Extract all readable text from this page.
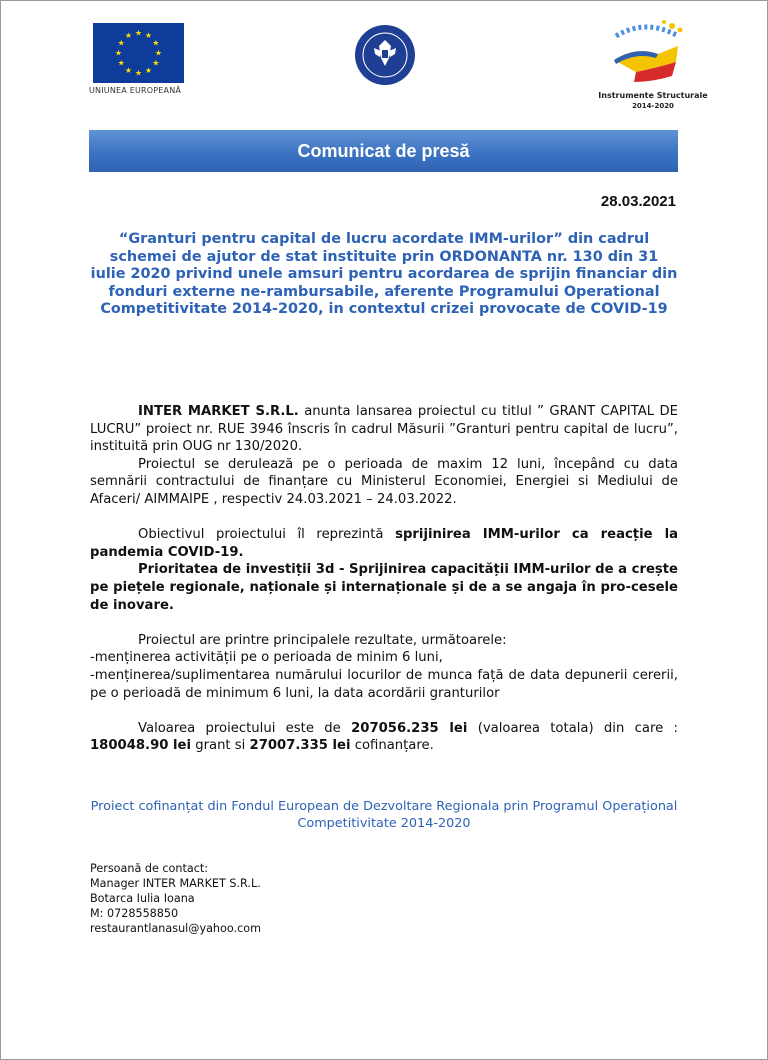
★ ★
★
★
★
★
★
★
★
★
★
★
UNIUNEA EUROPEANĂ
Instrumente Structurale
2014-2020
Comunicat de presă
28.03.2021
“Granturi pentru capital de lucru acordate IMM-urilor” din cadrul schemei de ajutor de stat instituite prin ORDONANTA nr. 130 din 31 iulie 2020 privind unele amsuri pentru acordarea de sprijin financiar din fonduri externe ne-rambursabile, aferente Programului Operational Competitivitate 2014-2020, in contextul crizei provocate de COVID-19

INTER MARKET S.R.L. anunta lansarea proiectul cu titlul ” GRANT CAPITAL DE LUCRU” proiect nr. RUE 3946 înscris în cadrul Măsurii ”Granturi pentru capital de lucru”, instituită prin OUG nr 130/2020.

Proiectul se derulează pe o perioada de maxim 12 luni, începând cu data semnării contractului de finanțare cu Ministerul Economiei, Energiei si Mediului de Afaceri/ AIMMAIPE , respectiv 24.03.2021 – 24.03.2022.

Obiectivul proiectului îl reprezintă sprijinirea IMM-urilor ca reacție la pandemia COVID-19.

Prioritatea de investiții 3d - Sprijinirea capacității IMM-urilor de a crește pe piețele regionale, naționale și internaționale și de a se angaja în pro-cesele de inovare.

Proiectul are printre principalele rezultate, următoarele:

-menținerea activității pe o perioada de minim 6 luni,

-menținerea/suplimentarea numărului locurilor de munca față de data depunerii cererii, pe o perioadă de minimum 6 luni, la data acordării granturilor

Valoarea proiectului este de 207056.235 lei (valoarea totala) din care : 180048.90 lei grant si 27007.335 lei cofinanțare.

Proiect cofinanțat din Fondul European de Dezvoltare Regionala prin Programul Operațional Competitivitate 2014-2020
Persoană de contact:
Manager INTER MARKET S.R.L.
Botarca Iulia Ioana
M: 0728558850
restaurantlanasul@yahoo.com
